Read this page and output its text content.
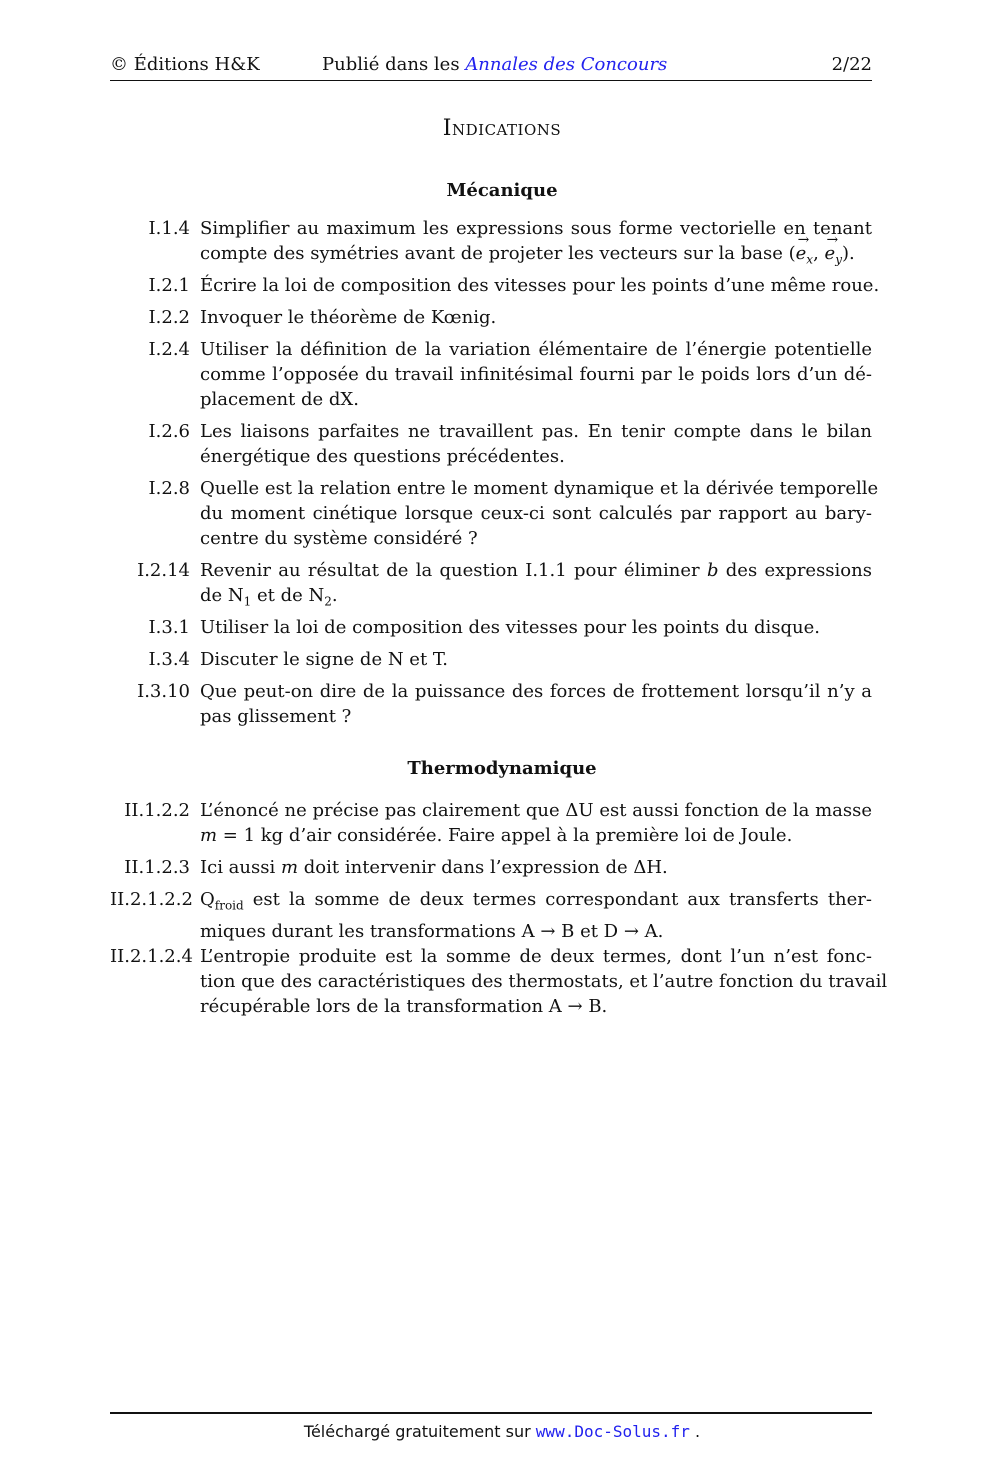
© Éditions H&K	Publié dans les Annales des Concours	2/22
Indications
Mécanique
I.1.4 Simplifier au maximum les expressions sous forme vectorielle en tenant
compte des symétries avant de projeter les vecteurs sur la base (→ $e_x$, → $e_y$).
I.2.1 Écrire la loi de composition des vitesses pour les points d’une même roue.
I.2.2 Invoquer le théorème de Kœnig.
I.2.4 Utiliser la définition de la variation élémentaire de l’énergie potentielle
comme l’opposée du travail infinitésimal fourni par le poids lors d’un dé-
placement de dX.
I.2.6 Les liaisons parfaites ne travaillent pas. En tenir compte dans le bilan
énergétique des questions précédentes.
I.2.8 Quelle est la relation entre le moment dynamique et la dérivée temporelle
du moment cinétique lorsque ceux-ci sont calculés par rapport au bary-
centre du système considéré ?
I.2.14 Revenir au résultat de la question I.1.1 pour éliminer b des expressions
de $N_1$ et de $N_2$.
I.3.1 Utiliser la loi de composition des vitesses pour les points du disque.
I.3.4 Discuter le signe de N et T.
I.3.10 Que peut-on dire de la puissance des forces de frottement lorsqu’il n’y a
pas glissement ?
Thermodynamique
II.1.2.2 L’énoncé ne précise pas clairement que ΔU est aussi fonction de la masse
m = 1 kg d’air considérée. Faire appel à la première loi de Joule.
II.1.2.3 Ici aussi m doit intervenir dans l’expression de ΔH.
II.2.1.2.2 $Q_{froid}$ est la somme de deux termes correspondant aux transferts ther-
miques durant les transformations A → B et D → A.
II.2.1.2.4 L’entropie produite est la somme de deux termes, dont l’un n’est fonc-
tion que des caractéristiques des thermostats, et l’autre fonction du travail
récupérable lors de la transformation A → B.
Téléchargé gratuitement sur www.Doc-Solus.fr .
